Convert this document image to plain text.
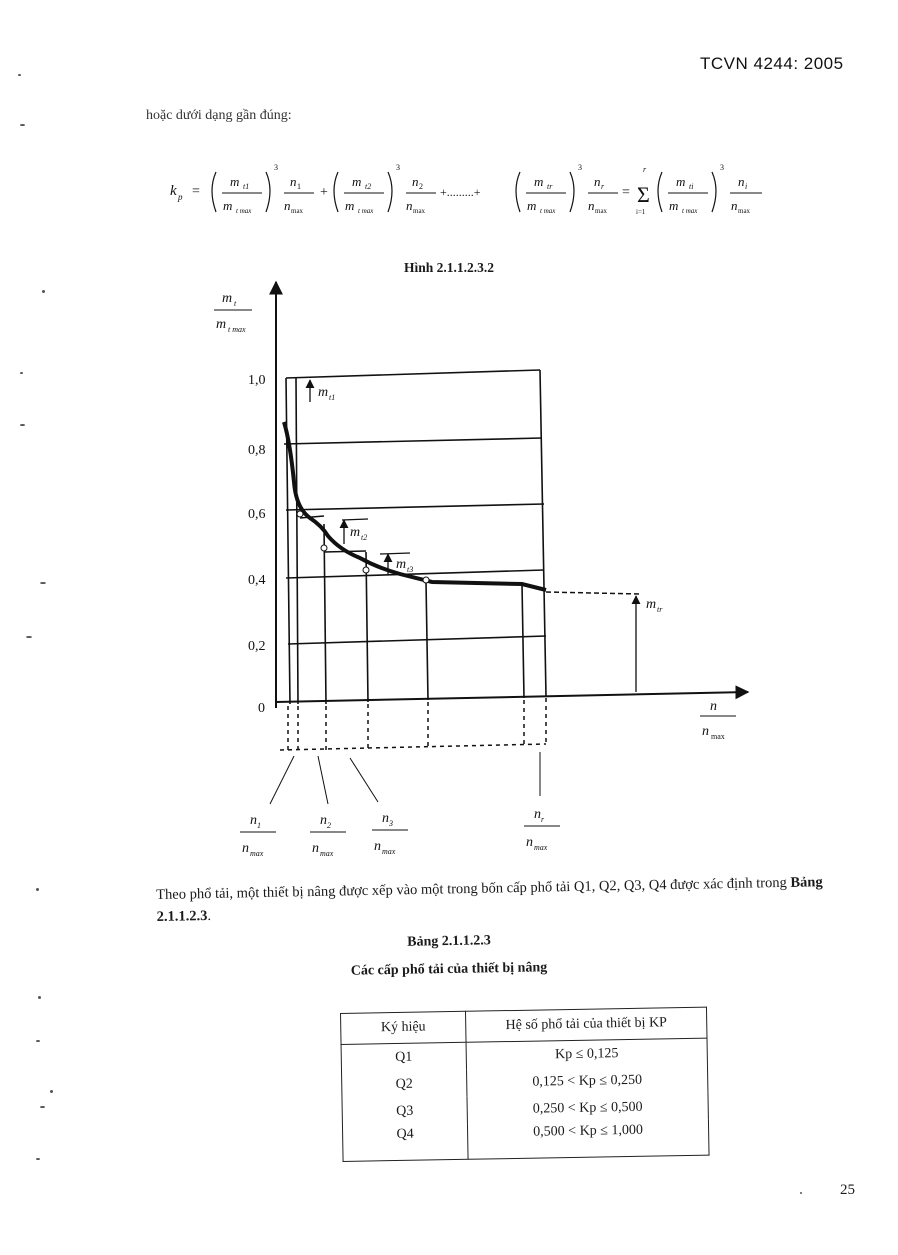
TCVN 4244: 2005
hoặc dưới dạng gần đúng:
k p =
m t1
m t max
3
n 1
n max
+
m t2
m t max
3
n 2
n max
+.........+
m tr
m t max
3
n r
n max
= Σ
r
i=1
m ti
m t max
3
n i
n max
Hình 2.1.1.2.3.2
m t
m t max
1,0
0,8
0,6
0,4
0,2
0
m t1
m t2
m t3
m tr
n
n max
n 1
n max
n 2
n max
n 3
n max
n r
n max
Theo phổ tải, một thiết bị nâng được xếp vào một trong bốn cấp phổ tải Q1, Q2, Q3, Q4 được xác định trong Bảng 2.1.1.2.3.
Bảng 2.1.1.2.3
Các cấp phổ tải của thiết bị nâng
Ký hiệu	Hệ số phổ tải của thiết bị KP
Q1	Kp ≤ 0,125
Q2	0,125 < Kp ≤ 0,250
Q3	0,250 < Kp ≤ 0,500
Q4	0,500 < Kp ≤ 1,000
25
